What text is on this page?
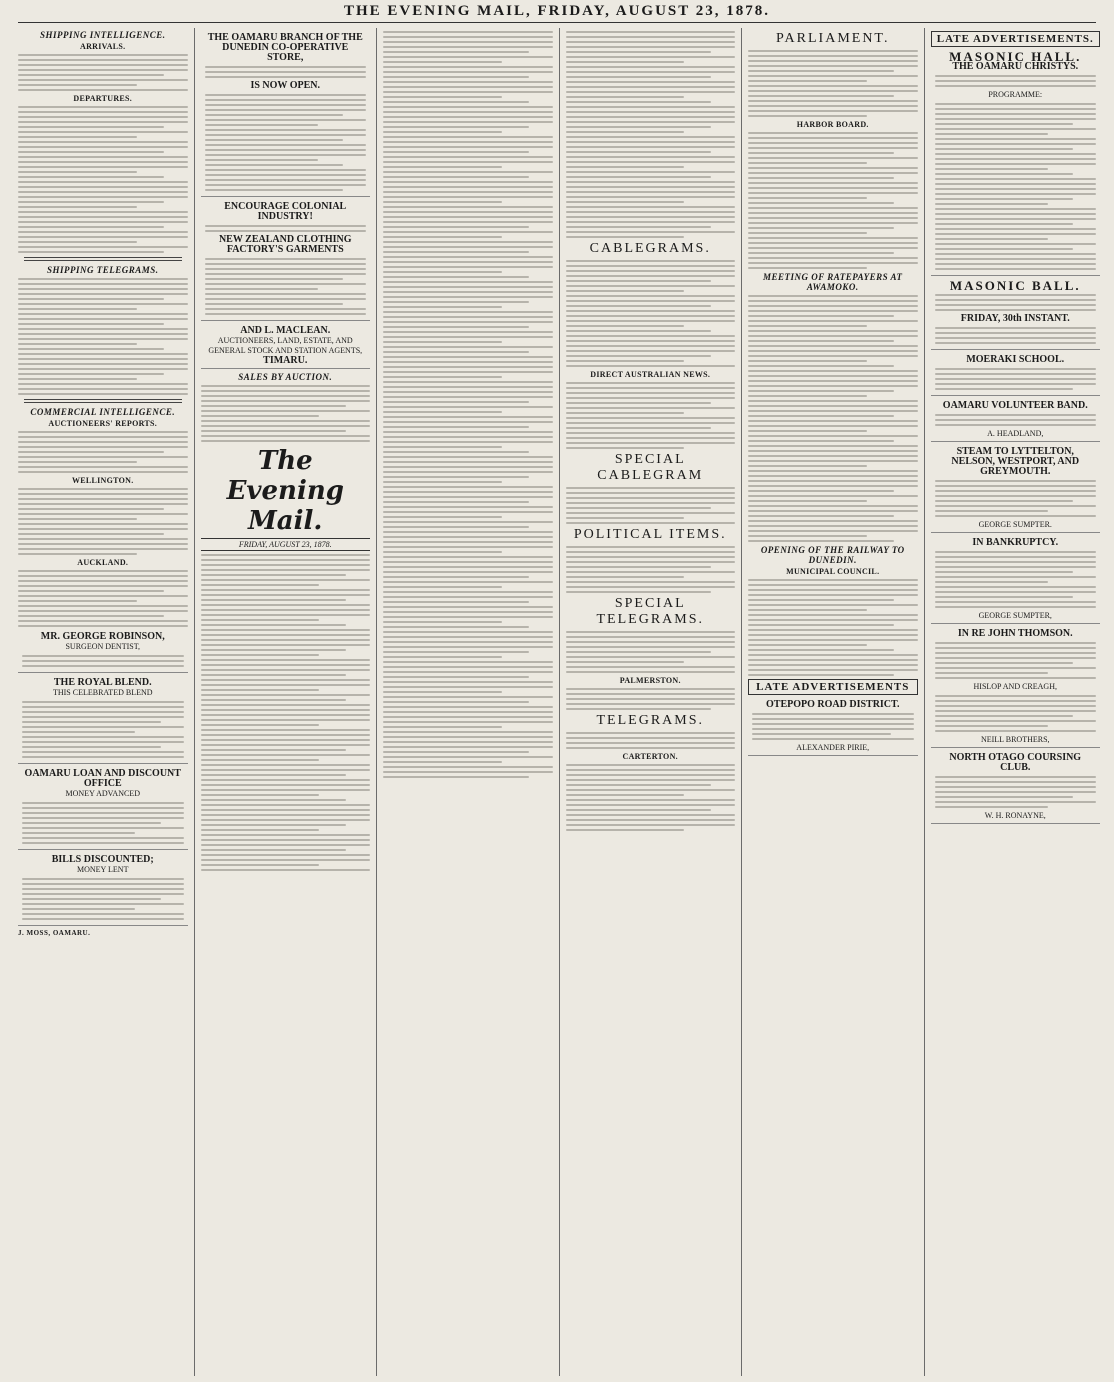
THE EVENING MAIL, FRIDAY, AUGUST 23, 1878.
SHIPPING INTELLIGENCE.
ARRIVALS.
DEPARTURES.
SHIPPING TELEGRAMS.
COMMERCIAL INTELLIGENCE.
AUCTIONEERS' REPORTS.
WELLINGTON.
AUCKLAND.
MR. GEORGE ROBINSON,
SURGEON DENTIST,
THE ROYAL BLEND.
THIS CELEBRATED BLEND
OAMARU LOAN AND DISCOUNT OFFICE
MONEY ADVANCED
BILLS DISCOUNTED;
MONEY LENT
J. MOSS, OAMARU.
THE OAMARU BRANCH OF THE DUNEDIN CO-OPERATIVE STORE,
IS NOW OPEN.
ENCOURAGE COLONIAL INDUSTRY!
NEW ZEALAND CLOTHING FACTORY'S GARMENTS
AND L. MACLEAN.
AUCTIONEERS, LAND, ESTATE, AND GENERAL STOCK AND STATION AGENTS,
TIMARU.
SALES BY AUCTION.
The Evening Mail.
FRIDAY, AUGUST 23, 1878.
CABLEGRAMS.
DIRECT AUSTRALIAN NEWS.
SPECIAL CABLEGRAM
POLITICAL ITEMS.
SPECIAL TELEGRAMS.
PALMERSTON.
TELEGRAMS.
CARTERTON.
PARLIAMENT.
HARBOR BOARD.
MEETING OF RATEPAYERS AT AWAMOKO.
OPENING OF THE RAILWAY TO DUNEDIN.
MUNICIPAL COUNCIL.
LATE ADVERTISEMENTS
OTEPOPO ROAD DISTRICT.
ALEXANDER PIRIE,
LATE ADVERTISEMENTS.
MASONIC HALL.
THE OAMARU CHRISTYS.
PROGRAMME:
MASONIC BALL.
FRIDAY, 30th INSTANT.
MOERAKI SCHOOL.
OAMARU VOLUNTEER BAND.
A. HEADLAND,
STEAM TO LYTTELTON, NELSON, WESTPORT, AND GREYMOUTH.
GEORGE SUMPTER.
IN BANKRUPTCY.
GEORGE SUMPTER,
IN RE JOHN THOMSON.
HISLOP AND CREAGH,
NEILL BROTHERS,
NORTH OTAGO COURSING CLUB.
W. H. RONAYNE,
